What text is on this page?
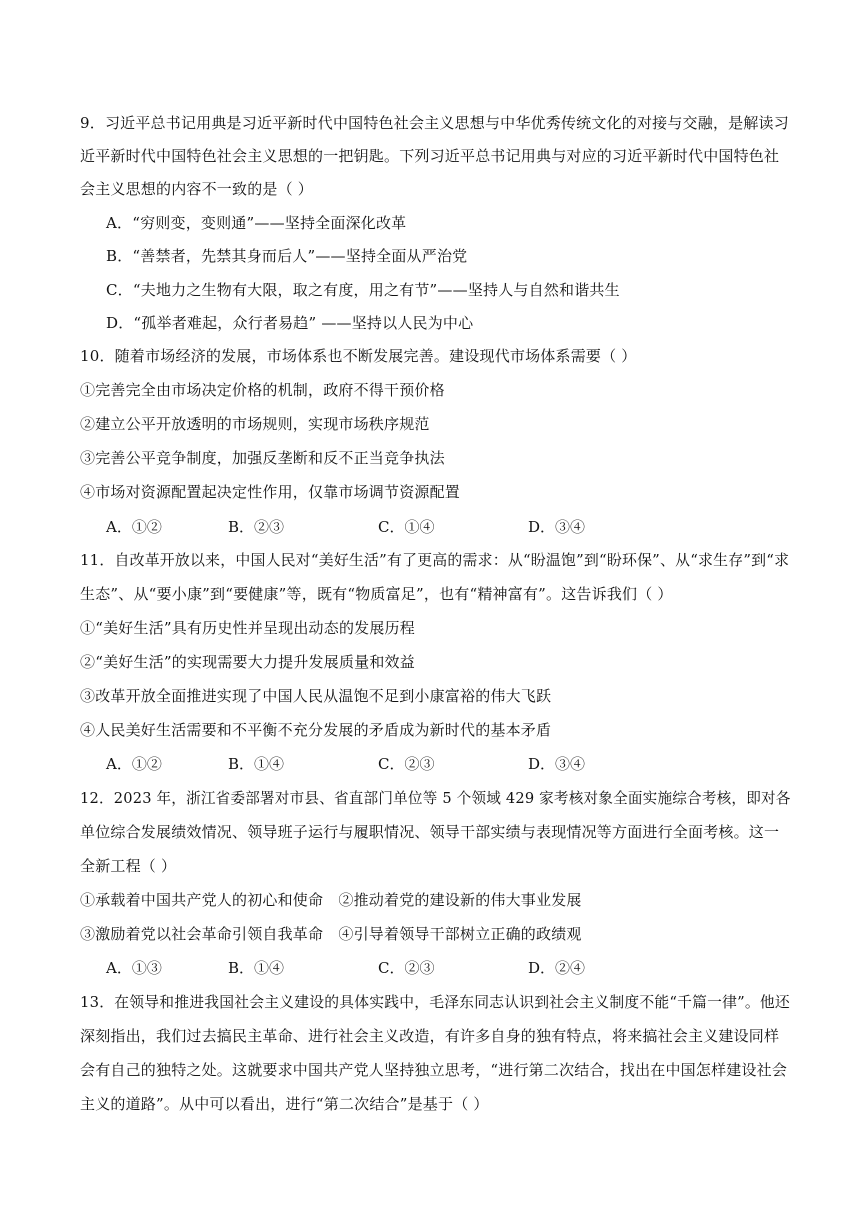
9．习近平总书记用典是习近平新时代中国特色社会主义思想与中华优秀传统文化的对接与交融，是解读习
近平新时代中国特色社会主义思想的一把钥匙。下列习近平总书记用典与对应的习近平新时代中国特色社
会主义思想的内容不一致的是（ ）
A．“穷则变，变则通”——坚持全面深化改革
B．“善禁者，先禁其身而后人”——坚持全面从严治党
C．“夫地力之生物有大限，取之有度，用之有节”——坚持人与自然和谐共生
D．“孤举者难起，众行者易趋” ——坚持以人民为中心
10．随着市场经济的发展，市场体系也不断发展完善。建设现代市场体系需要（ ）
①完善完全由市场决定价格的机制，政府不得干预价格
②建立公平开放透明的市场规则，实现市场秩序规范
③完善公平竞争制度，加强反垄断和反不正当竞争执法
④市场对资源配置起决定性作用，仅靠市场调节资源配置
A．①②	B．②③	C．①④	D．③④
11．自改革开放以来，中国人民对“美好生活”有了更高的需求：从“盼温饱”到“盼环保”、从“求生存”到“求
生态”、从“要小康”到“要健康”等，既有“物质富足”，也有“精神富有”。这告诉我们（ ）
①“美好生活”具有历史性并呈现出动态的发展历程
②“美好生活”的实现需要大力提升发展质量和效益
③改革开放全面推进实现了中国人民从温饱不足到小康富裕的伟大飞跃
④人民美好生活需要和不平衡不充分发展的矛盾成为新时代的基本矛盾
A．①②	B．①④	C．②③	D．③④
12．2023 年，浙江省委部署对市县、省直部门单位等 5 个领域 429 家考核对象全面实施综合考核，即对各
单位综合发展绩效情况、领导班子运行与履职情况、领导干部实绩与表现情况等方面进行全面考核。这一
全新工程（ ）
①承载着中国共产党人的初心和使命　②推动着党的建设新的伟大事业发展
③激励着党以社会革命引领自我革命　④引导着领导干部树立正确的政绩观
A．①③	B．①④	C．②③	D．②④
13．在领导和推进我国社会主义建设的具体实践中，毛泽东同志认识到社会主义制度不能“千篇一律”。他还
深刻指出，我们过去搞民主革命、进行社会主义改造，有许多自身的独有特点，将来搞社会主义建设同样
会有自己的独特之处。这就要求中国共产党人坚持独立思考，“进行第二次结合，找出在中国怎样建设社会
主义的道路”。从中可以看出，进行“第二次结合”是基于（ ）
